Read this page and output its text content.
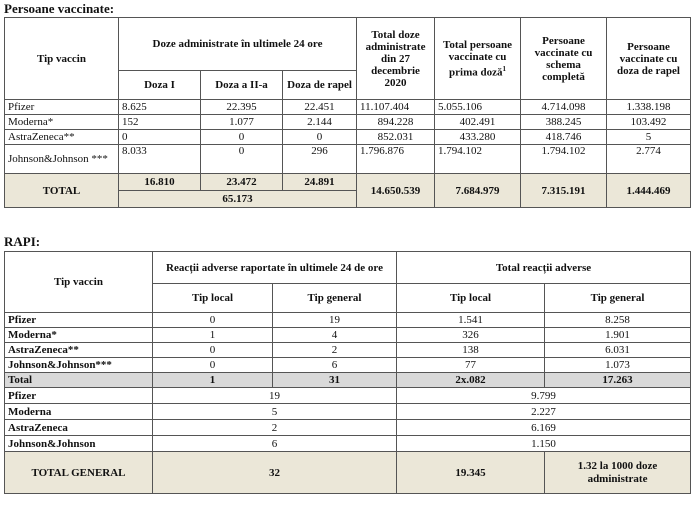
Persoane vaccinate:

Tip vaccin	Doze administrate în ultimele 24 ore			Total doze administrate din 27 decembrie 2020	Total persoane vaccinate cu prima doză$^1$	Persoane vaccinate cu schema completă	Persoane vaccinate cu doza de rapel
	Doza I	Doza a II-a	Doza de rapel				
Pfizer	8.625	22.395	22.451	11.107.404	5.055.106	4.714.098	1.338.198
Moderna*	152	1.077	2.144	894.228	402.491	388.245	103.492
AstraZeneca**	0	0	0	852.031	433.280	418.746	5
Johnson&Johnson ***	8.033	0	296	1.796.876	1.794.102	1.794.102	2.774
TOTAL	16.810	23.472	24.891	14.650.539	7.684.979	7.315.191	1.444.469
	65.173						

RAPI:

Tip vaccin	Reacții adverse raportate în ultimele 24 de ore		Total reacții adverse	
	Tip local	Tip general	Tip local	Tip general
Pfizer	0	19	1.541	8.258
Moderna*	1	4	326	1.901
AstraZeneca**	0	2	138	6.031
Johnson&Johnson***	0	6	77	1.073
Total	1	31	2x.082	17.263
Pfizer	19		9.799	
Moderna	5		2.227	
AstraZeneca	2		6.169	
Johnson&Johnson	6		1.150	
TOTAL GENERAL	32		19.345	1.32 la 1000 doze administrate
